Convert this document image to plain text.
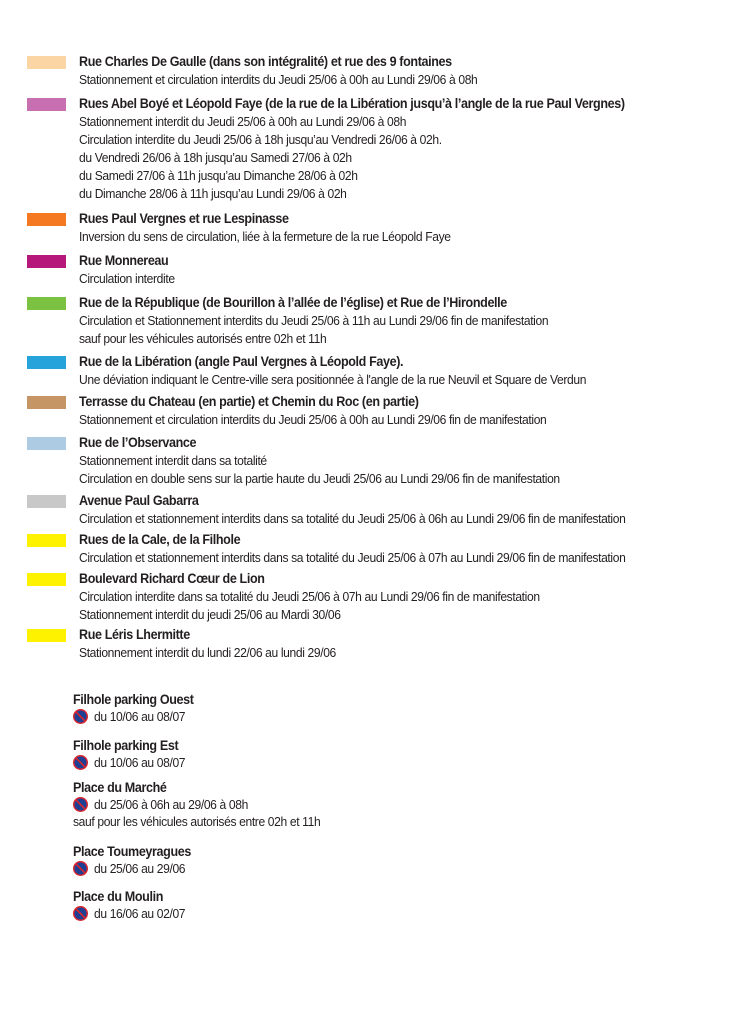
Rue Charles De Gaulle (dans son intégralité) et rue des 9 fontaines
Stationnement et circulation interdits du Jeudi 25/06 à 00h au Lundi 29/06 à 08h
Rues Abel Boyé et Léopold Faye (de la rue de la Libération jusqu’à l’angle de la rue Paul Vergnes)
Stationnement interdit du Jeudi 25/06 à 00h au Lundi 29/06 à 08h
Circulation interdite du Jeudi 25/06 à 18h jusqu’au Vendredi 26/06 à 02h.
du Vendredi 26/06 à 18h jusqu’au Samedi 27/06 à 02h
du Samedi 27/06 à 11h jusqu’au Dimanche 28/06 à 02h
du Dimanche 28/06 à 11h jusqu’au Lundi 29/06 à 02h
Rues Paul Vergnes et rue Lespinasse
Inversion du sens de circulation, liée à la fermeture de la rue Léopold Faye
Rue Monnereau
Circulation interdite
Rue de la République (de Bourillon à l’allée de l’église) et Rue de l’Hirondelle
Circulation et Stationnement interdits du Jeudi 25/06 à 11h au Lundi 29/06 fin de manifestation
sauf pour les véhicules autorisés entre 02h et 11h
Rue de la Libération (angle Paul Vergnes à Léopold Faye).
Une déviation indiquant le Centre-ville sera positionnée à l'angle de la rue Neuvil et Square de Verdun
Terrasse du Chateau (en partie) et Chemin du Roc (en partie)
Stationnement et circulation interdits du Jeudi 25/06 à 00h au Lundi 29/06 fin de manifestation
Rue de l’Observance
Stationnement interdit dans sa totalité
Circulation en double sens sur la partie haute du Jeudi 25/06 au Lundi 29/06 fin de manifestation
Avenue Paul Gabarra
Circulation et stationnement interdits dans sa totalité du Jeudi 25/06 à 06h au Lundi 29/06 fin de manifestation
Rues de la Cale, de la Filhole
Circulation et stationnement interdits dans sa totalité du Jeudi 25/06 à 07h au Lundi 29/06 fin de manifestation
Boulevard Richard Cœur de Lion
Circulation interdite dans sa totalité du Jeudi 25/06 à 07h au Lundi 29/06 fin de manifestation
Stationnement interdit du jeudi 25/06 au Mardi 30/06
Rue Léris Lhermitte
Stationnement interdit du lundi 22/06 au lundi 29/06
Filhole parking Ouest
du 10/06 au 08/07
Filhole parking Est
du 10/06 au 08/07
Place du Marché
du 25/06 à 06h au 29/06 à 08h
sauf pour les véhicules autorisés entre 02h et 11h
Place Toumeyragues
du 25/06 au 29/06
Place du Moulin
du 16/06 au 02/07
